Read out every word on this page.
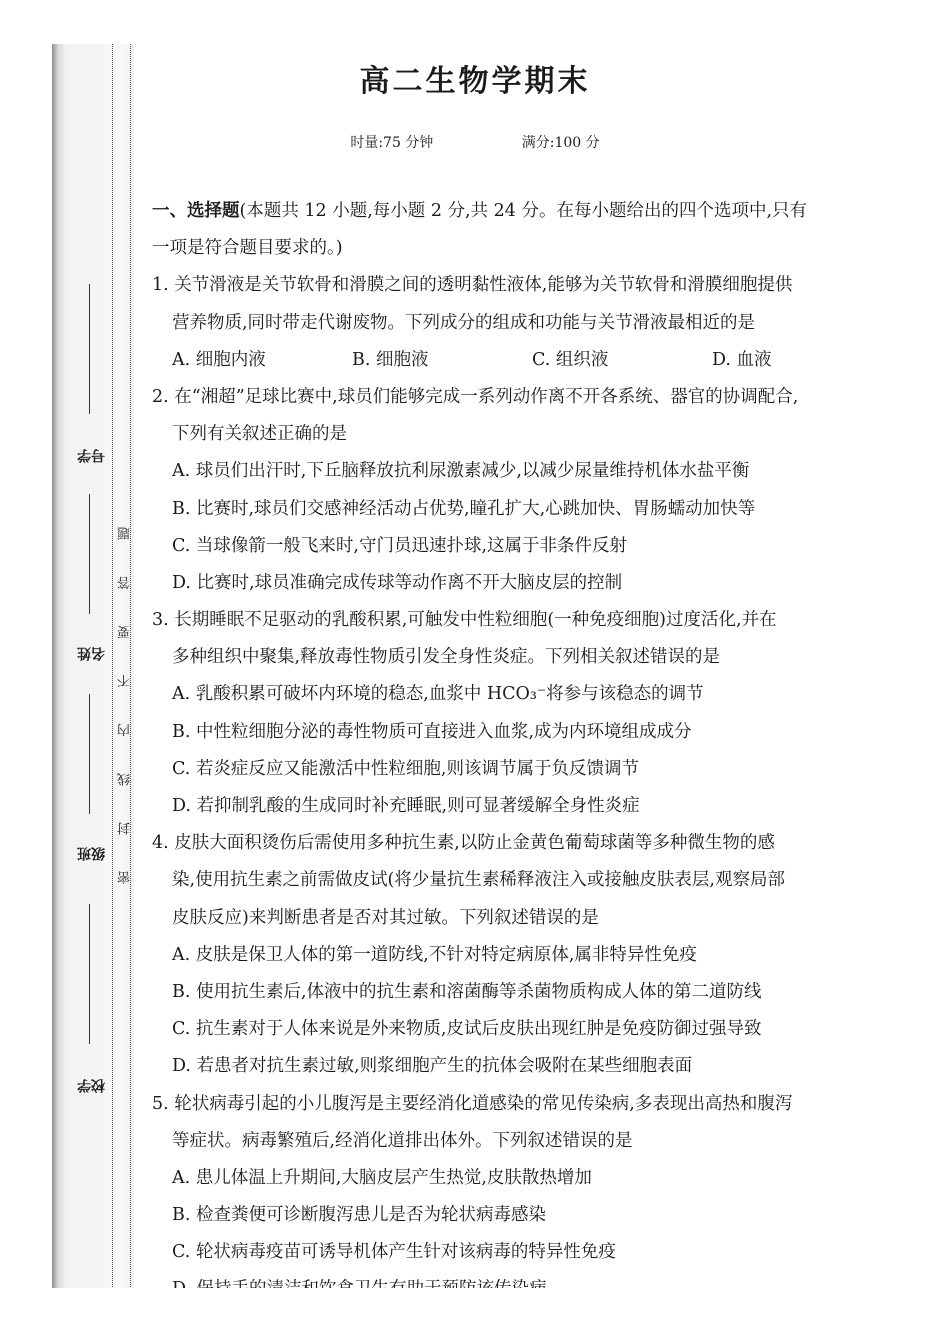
学 校
班 级
姓 名
学 号
密 封 线 内 不 要 答 题
高二生物学期末
时量:75 分钟	满分:100 分
一、选择题(本题共 12 小题,每小题 2 分,共 24 分。在每小题给出的四个选项中,只有
一项是符合题目要求的。)
1. 关节滑液是关节软骨和滑膜之间的透明黏性液体,能够为关节软骨和滑膜细胞提供
营养物质,同时带走代谢废物。下列成分的组成和功能与关节滑液最相近的是
A. 细胞内液	B. 细胞液	C. 组织液	D. 血液
2. 在“湘超”足球比赛中,球员们能够完成一系列动作离不开各系统、器官的协调配合,
下列有关叙述正确的是
A. 球员们出汗时,下丘脑释放抗利尿激素减少,以减少尿量维持机体水盐平衡
B. 比赛时,球员们交感神经活动占优势,瞳孔扩大,心跳加快、胃肠蠕动加快等
C. 当球像箭一般飞来时,守门员迅速扑球,这属于非条件反射
D. 比赛时,球员准确完成传球等动作离不开大脑皮层的控制
3. 长期睡眠不足驱动的乳酸积累,可触发中性粒细胞(一种免疫细胞)过度活化,并在
多种组织中聚集,释放毒性物质引发全身性炎症。下列相关叙述错误的是
A. 乳酸积累可破坏内环境的稳态,血浆中 HCO₃⁻将参与该稳态的调节
B. 中性粒细胞分泌的毒性物质可直接进入血浆,成为内环境组成成分
C. 若炎症反应又能激活中性粒细胞,则该调节属于负反馈调节
D. 若抑制乳酸的生成同时补充睡眠,则可显著缓解全身性炎症
4. 皮肤大面积烫伤后需使用多种抗生素,以防止金黄色葡萄球菌等多种微生物的感
染,使用抗生素之前需做皮试(将少量抗生素稀释液注入或接触皮肤表层,观察局部
皮肤反应)来判断患者是否对其过敏。下列叙述错误的是
A. 皮肤是保卫人体的第一道防线,不针对特定病原体,属非特异性免疫
B. 使用抗生素后,体液中的抗生素和溶菌酶等杀菌物质构成人体的第二道防线
C. 抗生素对于人体来说是外来物质,皮试后皮肤出现红肿是免疫防御过强导致
D. 若患者对抗生素过敏,则浆细胞产生的抗体会吸附在某些细胞表面
5. 轮状病毒引起的小儿腹泻是主要经消化道感染的常见传染病,多表现出高热和腹泻
等症状。病毒繁殖后,经消化道排出体外。下列叙述错误的是
A. 患儿体温上升期间,大脑皮层产生热觉,皮肤散热增加
B. 检查粪便可诊断腹泻患儿是否为轮状病毒感染
C. 轮状病毒疫苗可诱导机体产生针对该病毒的特异性免疫
